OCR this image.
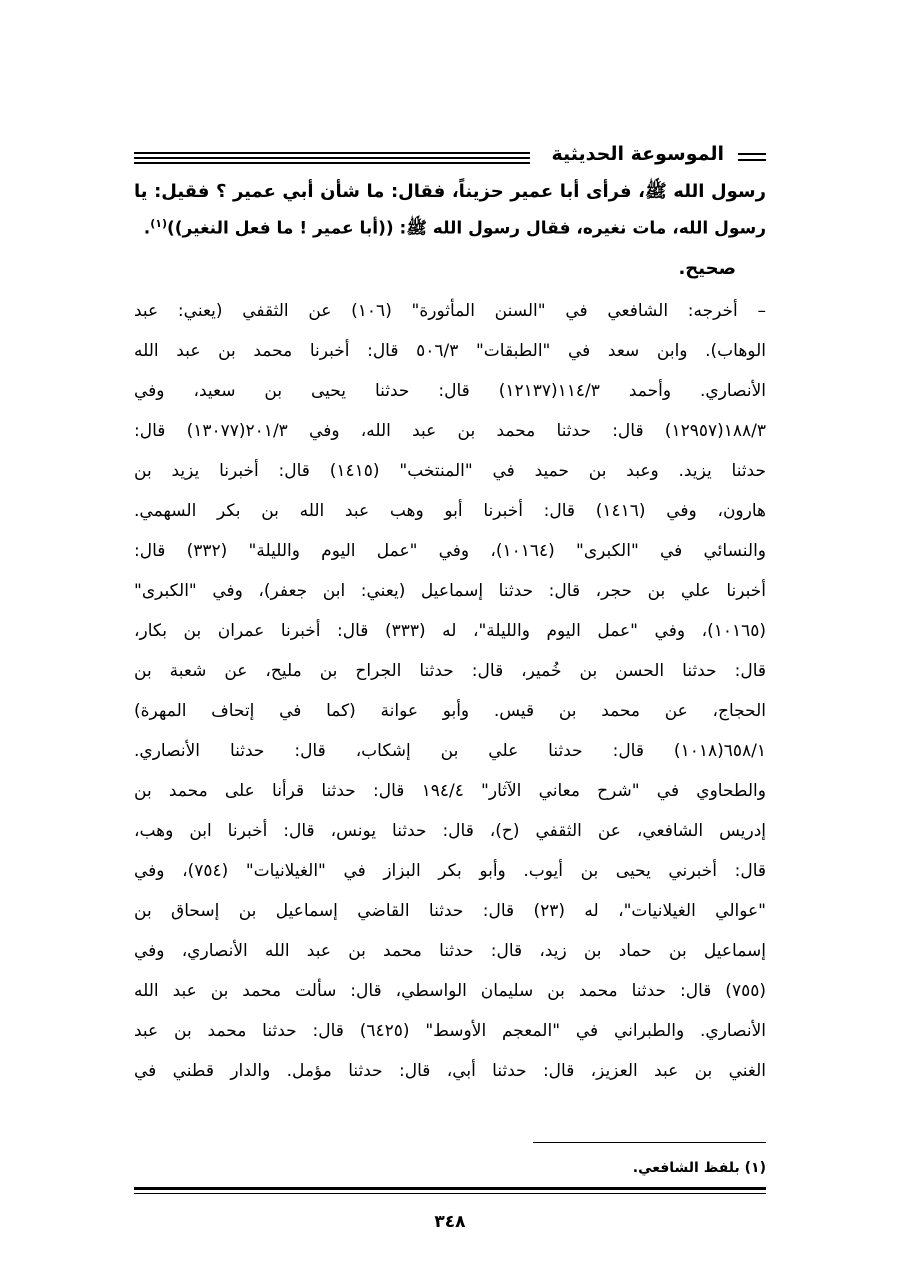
الموسوعة الحديثية
رسول الله ﷺ، فرأى أبا عمير حزيناً، فقال: ما شأن أبي عمير ؟ فقيل: يا
رسول الله، مات نغيره، فقال رسول الله ﷺ: ((أبا عمير ! ما فعل النغير))$^{(١)}$.
صحيح.
– أخرجه: الشافعي في "السنن المأثورة" (١٠٦) عن الثقفي (يعني: عبد
الوهاب). وابن سعد في "الطبقات" ٥٠٦/٣ قال: أخبرنا محمد بن عبد الله
الأنصاري. وأحمد ١١٤/٣(١٢١٣٧) قال: حدثنا يحيى بن سعيد، وفي
١٨٨/٣(١٢٩٥٧) قال: حدثنا محمد بن عبد الله، وفي ٢٠١/٣(١٣٠٧٧) قال:
حدثنا يزيد. وعبد بن حميد في "المنتخب" (١٤١٥) قال: أخبرنا يزيد بن
هارون، وفي (١٤١٦) قال: أخبرنا أبو وهب عبد الله بن بكر السهمي.
والنسائي في "الكبرى" (١٠١٦٤)، وفي "عمل اليوم والليلة" (٣٣٢) قال:
أخبرنا علي بن حجر، قال: حدثنا إسماعيل (يعني: ابن جعفر)، وفي "الكبرى"
(١٠١٦٥)، وفي "عمل اليوم والليلة"، له (٣٣٣) قال: أخبرنا عمران بن بكار،
قال: حدثنا الحسن بن خُمير، قال: حدثنا الجراح بن مليح، عن شعبة بن
الحجاج، عن محمد بن قيس. وأبو عوانة (كما في إتحاف المهرة)
٦٥٨/١(١٠١٨) قال: حدثنا علي بن إشكاب، قال: حدثنا الأنصاري.
والطحاوي في "شرح معاني الآثار" ١٩٤/٤ قال: حدثنا قرأنا على محمد بن
إدريس الشافعي، عن الثقفي (ح)، قال: حدثنا يونس، قال: أخبرنا ابن وهب،
قال: أخبرني يحيى بن أيوب. وأبو بكر البزاز في "الغيلانيات" (٧٥٤)، وفي
"عوالي الغيلانيات"، له (٢٣) قال: حدثنا القاضي إسماعيل بن إسحاق بن
إسماعيل بن حماد بن زيد، قال: حدثنا محمد بن عبد الله الأنصاري، وفي
(٧٥٥) قال: حدثنا محمد بن سليمان الواسطي، قال: سألت محمد بن عبد الله
الأنصاري. والطبراني في "المعجم الأوسط" (٦٤٢٥) قال: حدثنا محمد بن عبد
الغني بن عبد العزيز، قال: حدثنا أبي، قال: حدثنا مؤمل. والدار قطني في
(١) بلفظ الشافعي.
٣٤٨
